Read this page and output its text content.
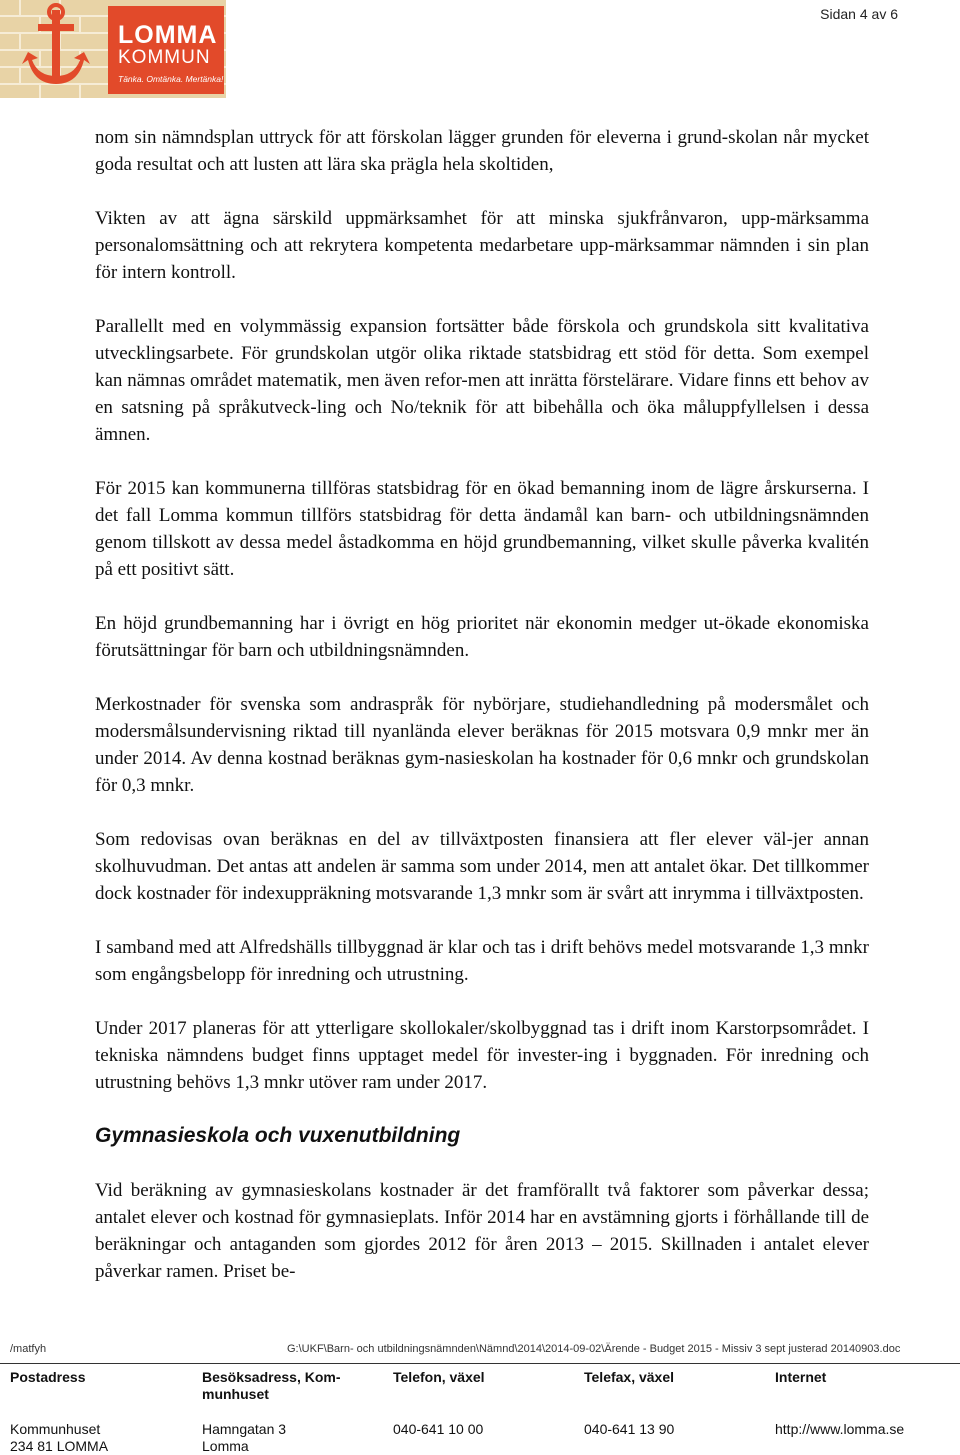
Sidan 4 av 6
LOMMA
KOMMUN
Tänka. Omtänka. Mertänka!

nom sin nämndsplan uttryck för att förskolan lägger grunden för eleverna i grund-skolan når mycket goda resultat och att lusten att lära ska prägla hela skoltiden,

Vikten av att ägna särskild uppmärksamhet för att minska sjukfrånvaron, upp-märksamma personalomsättning och att rekrytera kompetenta medarbetare upp-märksammar nämnden i sin plan för intern kontroll.

Parallellt med en volymmässig expansion fortsätter både förskola och grundskola sitt kvalitativa utvecklingsarbete. För grundskolan utgör olika riktade statsbidrag ett stöd för detta. Som exempel kan nämnas området matematik, men även refor-men att inrätta förstelärare. Vidare finns ett behov av en satsning på språkutveck-ling och No/teknik för att bibehålla och öka måluppfyllelsen i dessa ämnen.

För 2015 kan kommunerna tillföras statsbidrag för en ökad bemanning inom de lägre årskurserna. I det fall Lomma kommun tillförs statsbidrag för detta ändamål kan barn- och utbildningsnämnden genom tillskott av dessa medel åstadkomma en höjd grundbemanning, vilket skulle påverka kvalitén på ett positivt sätt.

En höjd grundbemanning har i övrigt en hög prioritet när ekonomin medger ut-ökade ekonomiska förutsättningar för barn och utbildningsnämnden.

Merkostnader för svenska som andraspråk för nybörjare, studiehandledning på modersmålet och modersmålsundervisning riktad till nyanlända elever beräknas för 2015 motsvara 0,9 mnkr mer än under 2014. Av denna kostnad beräknas gym-nasieskolan ha kostnader för 0,6 mnkr och grundskolan för 0,3 mnkr.

Som redovisas ovan beräknas en del av tillväxtposten finansiera att fler elever väl-jer annan skolhuvudman. Det antas att andelen är samma som under 2014, men att antalet ökar. Det tillkommer dock kostnader för indexuppräkning motsvarande 1,3 mnkr som är svårt att inrymma i tillväxtposten.

I samband med att Alfredshälls tillbyggnad är klar och tas i drift behövs medel motsvarande 1,3 mnkr som engångsbelopp för inredning och utrustning.

Under 2017 planeras för att ytterligare skollokaler/skolbyggnad tas i drift inom Karstorpsområdet. I tekniska nämndens budget finns upptaget medel för invester-ing i byggnaden. För inredning och utrustning behövs 1,3 mnkr utöver ram under 2017.

Gymnasieskola och vuxenutbildning

Vid beräkning av gymnasieskolans kostnader är det framförallt två faktorer som påverkar dessa; antalet elever och kostnad för gymnasieplats. Inför 2014 har en avstämning gjorts i förhållande till de beräkningar och antaganden som gjordes 2012 för åren 2013 – 2015. Skillnaden i antalet elever påverkar ramen. Priset be-

/matfyh	G:\UKF\Barn- och utbildningsnämnden\Nämnd\2014\2014-09-02\Ärende - Budget 2015 - Missiv 3 sept justerad 20140903.doc
Postadress
Kommunhuset
234 81 LOMMA
Besöksadress, Kom-munhuset
Hamngatan 3
Lomma
Telefon, växel
040-641 10 00
Telefax, växel
040-641 13 90
Internet
http://www.lomma.se
